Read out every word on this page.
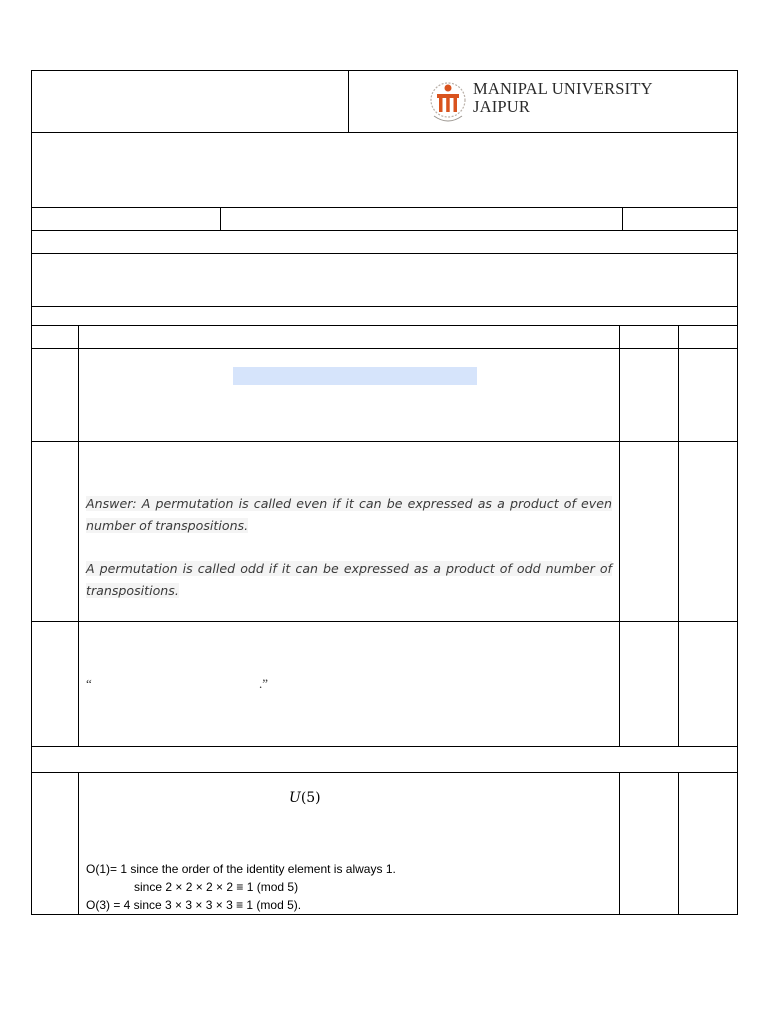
MANIPAL UNIVERSITY
JAIPUR
Answer: A permutation is called even if it can be expressed as a product of even number of transpositions.
A permutation is called odd if it can be expressed as a product of odd number of transpositions.
“	.”
U(5)
O(1)= 1 since the order of the identity element is always 1.
since 2 × 2 × 2 × 2 ≡ 1 (mod 5)
O(3) = 4 since 3 × 3 × 3 × 3 ≡ 1 (mod 5).
